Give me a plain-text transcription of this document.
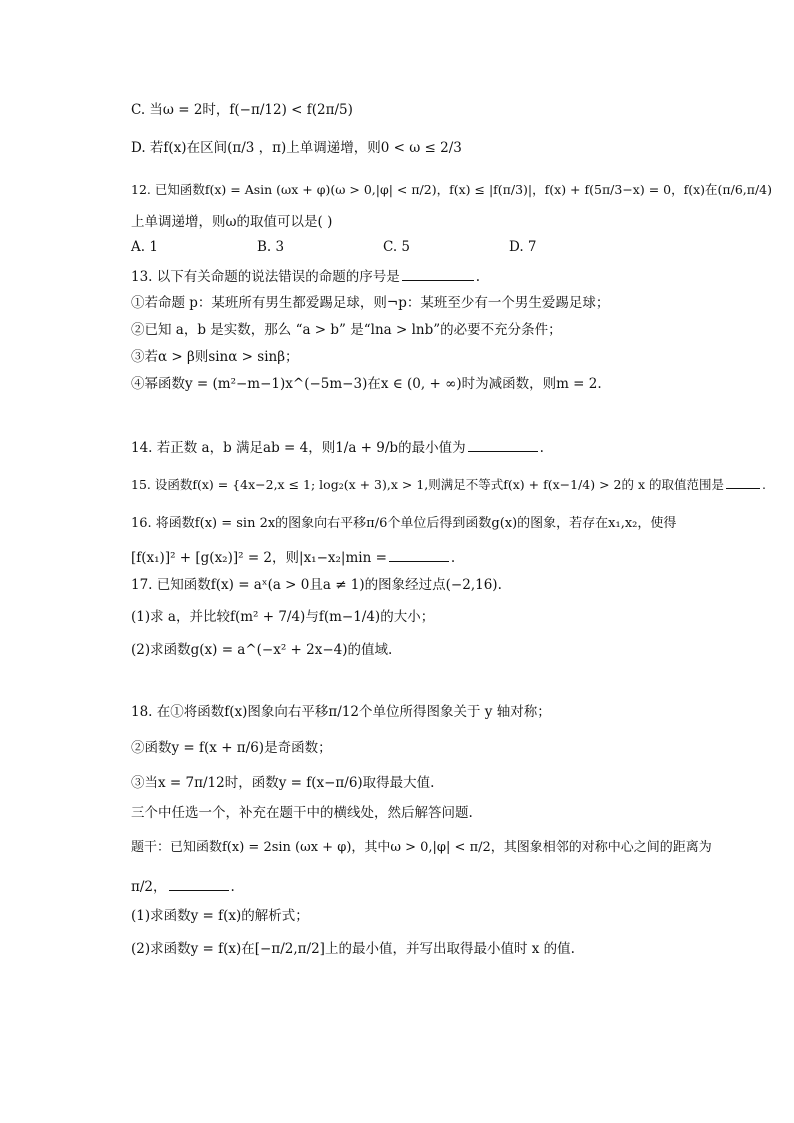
C. 当ω = 2时，f(−π/12) < f(2π/5)
D. 若f(x)在区间(π/3 ，π)上单调递增，则0 < ω ≤ 2/3
12. 已知函数f(x) = Asin (ωx + φ)(ω > 0,|φ| < π/2)，f(x) ≤ |f(π/3)|，f(x) + f(5π/3−x) = 0，f(x)在(π/6,π/4)
上单调递增，则ω的取值可以是( )
A. 1	B. 3	C. 5	D. 7
13. 以下有关命题的说法错误的命题的序号是	.
①若命题 p：某班所有男生都爱踢足球，则¬p：某班至少有一个男生爱踢足球；
②已知 a，b 是实数，那么 “a > b” 是“lna > lnb”的必要不充分条件；
③若α > β则sinα > sinβ；
④幂函数y = (m²−m−1)x^(−5m−3)在x ∈ (0, + ∞)时为减函数，则m = 2.
14. 若正数 a，b 满足ab = 4，则1/a + 9/b的最小值为	.
15. 设函数f(x) = {4x−2,x ≤ 1; log₂(x + 3),x > 1,则满足不等式f(x) + f(x−1/4) > 2的 x 的取值范围是	.
16. 将函数f(x) = sin 2x的图象向右平移π/6个单位后得到函数g(x)的图象，若存在x₁,x₂，使得
[f(x₁)]² + [g(x₂)]² = 2，则|x₁−x₂|min =	.
17. 已知函数f(x) = aˣ(a > 0且a ≠ 1)的图象经过点(−2,16).
(1)求 a，并比较f(m² + 7/4)与f(m−1/4)的大小；
(2)求函数g(x) = a^(−x² + 2x−4)的值域.
18. 在①将函数f(x)图象向右平移π/12个单位所得图象关于 y 轴对称；
②函数y = f(x + π/6)是奇函数；
③当x = 7π/12时，函数y = f(x−π/6)取得最大值.
三个中任选一个，补充在题干中的横线处，然后解答问题.
题干：已知函数f(x) = 2sin (ωx + φ)，其中ω > 0,|φ| < π/2，其图象相邻的对称中心之间的距离为
π/2，	.
(1)求函数y = f(x)的解析式；
(2)求函数y = f(x)在[−π/2,π/2]上的最小值，并写出取得最小值时 x 的值.
